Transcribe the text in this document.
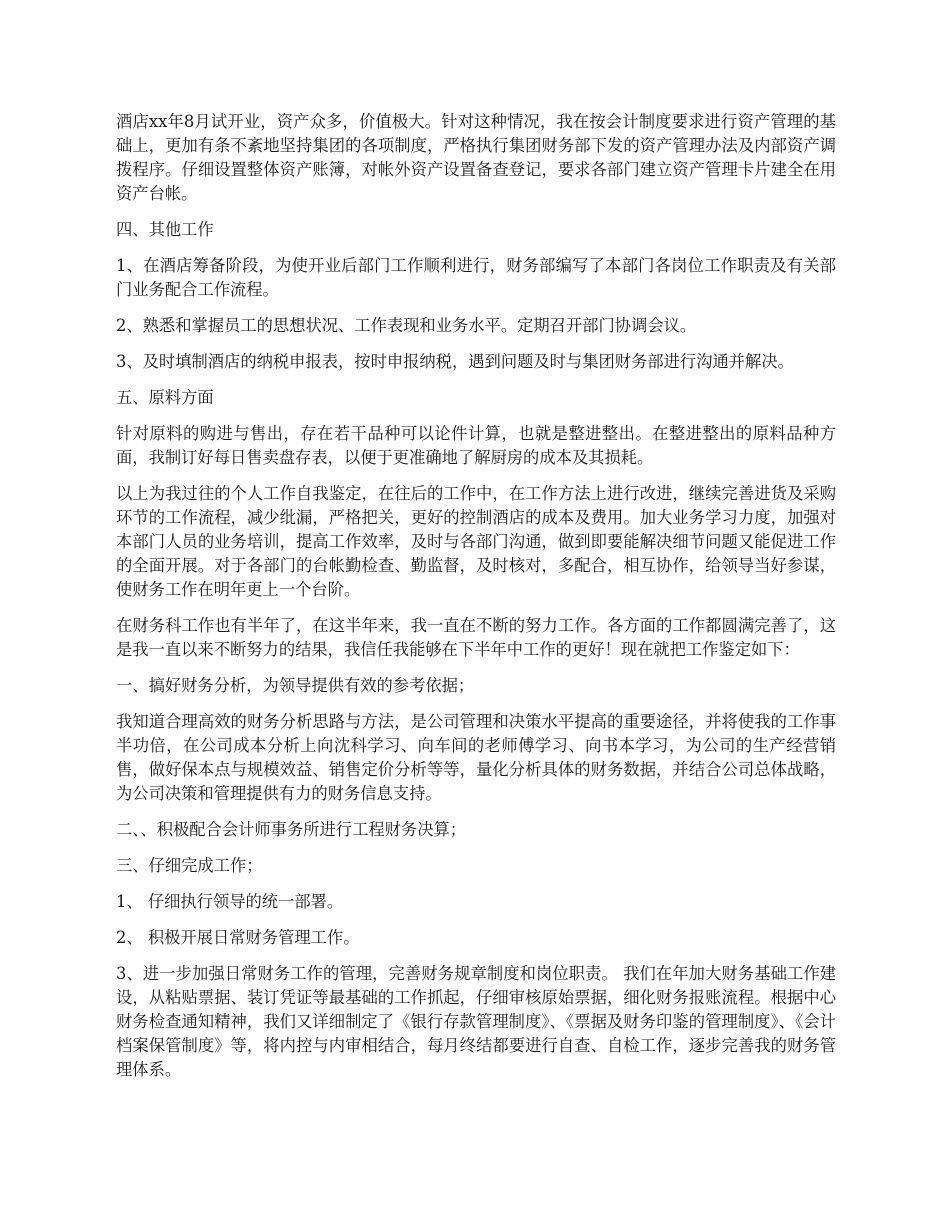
酒店xx年8月试开业，资产众多，价值极大。针对这种情况，我在按会计制度要求进行资产管理的基础上，更加有条不紊地坚持集团的各项制度，严格执行集团财务部下发的资产管理办法及内部资产调拨程序。仔细设置整体资产账簿，对帐外资产设置备查登记，要求各部门建立资产管理卡片建全在用资产台帐。

四、其他工作

1、在酒店筹备阶段，为使开业后部门工作顺利进行，财务部编写了本部门各岗位工作职责及有关部门业务配合工作流程。

2、熟悉和掌握员工的思想状况、工作表现和业务水平。定期召开部门协调会议。

3、及时填制酒店的纳税申报表，按时申报纳税，遇到问题及时与集团财务部进行沟通并解决。

五、原料方面

针对原料的购进与售出，存在若干品种可以论件计算，也就是整进整出。在整进整出的原料品种方面，我制订好每日售卖盘存表，以便于更准确地了解厨房的成本及其损耗。

以上为我过往的个人工作自我鉴定，在往后的工作中，在工作方法上进行改进，继续完善进货及采购环节的工作流程，减少纰漏，严格把关，更好的控制酒店的成本及费用。加大业务学习力度，加强对本部门人员的业务培训，提高工作效率，及时与各部门沟通，做到即要能解决细节问题又能促进工作的全面开展。对于各部门的台帐勤检查、勤监督，及时核对，多配合，相互协作，给领导当好参谋，使财务工作在明年更上一个台阶。

在财务科工作也有半年了，在这半年来，我一直在不断的努力工作。各方面的工作都圆满完善了，这是我一直以来不断努力的结果，我信任我能够在下半年中工作的更好！现在就把工作鉴定如下：

一、搞好财务分析，为领导提供有效的参考依据；

我知道合理高效的财务分析思路与方法，是公司管理和决策水平提高的重要途径，并将使我的工作事半功倍，在公司成本分析上向沈科学习、向车间的老师傅学习、向书本学习，为公司的生产经营销售，做好保本点与规模效益、销售定价分析等等，量化分析具体的财务数据，并结合公司总体战略，为公司决策和管理提供有力的财务信息支持。

二、、积极配合会计师事务所进行工程财务决算；

三、仔细完成工作；

1、 仔细执行领导的统一部署。

2、 积极开展日常财务管理工作。

3、进一步加强日常财务工作的管理，完善财务规章制度和岗位职责。 我们在年加大财务基础工作建设，从粘贴票据、装订凭证等最基础的工作抓起，仔细审核原始票据，细化财务报账流程。根据中心财务检查通知精神，我们又详细制定了《银行存款管理制度》、《票据及财务印鉴的管理制度》、《会计档案保管制度》等，将内控与内审相结合，每月终结都要进行自查、自检工作，逐步完善我的财务管理体系。
